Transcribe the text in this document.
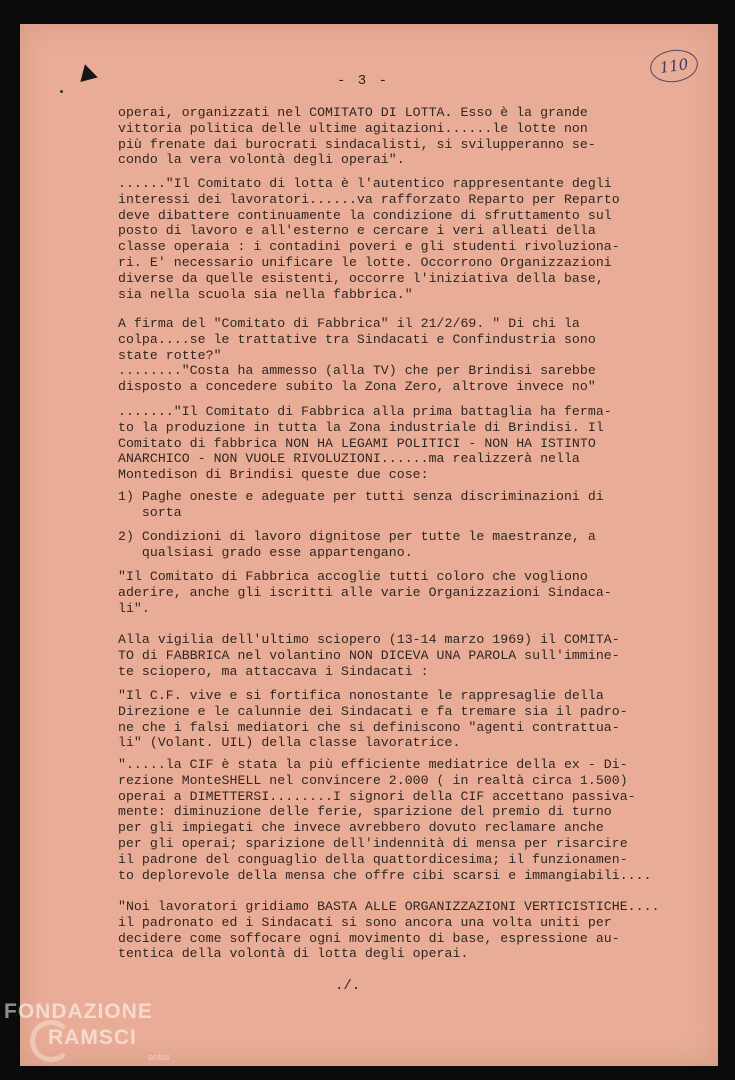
- 3 -
110
operai, organizzati nel COMITATO DI LOTTA. Esso è la grande
vittoria politica delle ultime agitazioni......le lotte non
più frenate dai burocrati sindacalisti, si svilupperanno se-
condo la vera volontà degli operai".
......"Il Comitato di lotta è l'autentico rappresentante degli
interessi dei lavoratori......va rafforzato Reparto per Reparto
deve dibattere continuamente la condizione di sfruttamento sul
posto di lavoro e all'esterno e cercare i veri alleati della
classe operaia : i contadini poveri e gli studenti rivoluziona-
ri. E' necessario unificare le lotte. Occorrono Organizzazioni
diverse da quelle esistenti, occorre l'iniziativa della base,
sia nella scuola sia nella fabbrica."
A firma del "Comitato di Fabbrica" il 21/2/69. " Di chi la
colpa....se le trattative tra Sindacati e Confindustria sono
state rotte?"
........"Costa ha ammesso (alla TV) che per Brindisi sarebbe
disposto a concedere subito la Zona Zero, altrove invece no"
......."Il Comitato di Fabbrica alla prima battaglia ha ferma-
to la produzione in tutta la Zona industriale di Brindisi. Il
Comitato di fabbrica NON HA LEGAMI POLITICI - NON HA ISTINTO
ANARCHICO - NON VUOLE RIVOLUZIONI......ma realizzerà nella
Montedison di Brindisi queste due cose:
1) Paghe oneste e adeguate per tutti senza discriminazioni di
sorta
2) Condizioni di lavoro dignitose per tutte le maestranze, a
qualsiasi grado esse appartengano.
"Il Comitato di Fabbrica accoglie tutti coloro che vogliono
aderire, anche gli iscritti alle varie Organizzazioni Sindaca-
li".
Alla vigilia dell'ultimo sciopero (13-14 marzo 1969) il COMITA-
TO di FABBRICA nel volantino NON DICEVA UNA PAROLA sull'immine-
te sciopero, ma attaccava i Sindacati :
"Il C.F. vive e si fortifica nonostante le rappresaglie della
Direzione e le calunnie dei Sindacati e fa tremare sia il padro-
ne che i falsi mediatori che si definiscono "agenti contrattua-
li" (Volant. UIL) della classe lavoratrice.
".....la CIF è stata la più efficiente mediatrice della ex - Di-
rezione MonteSHELL nel convincere 2.000 ( in realtà circa 1.500)
operai a DIMETTERSI........I signori della CIF accettano passiva-
mente: diminuzione delle ferie, sparizione del premio di turno
per gli impiegati che invece avrebbero dovuto reclamare anche
per gli operai; sparizione dell'indennità di mensa per risarcire
il padrone del conguaglio della quattordicesima; il funzionamen-
to deplorevole della mensa che offre cibi scarsi e immangiabili....
"Noi lavoratori gridiamo BASTA ALLE ORGANIZZAZIONI VERTICISTICHE....
il padronato ed i Sindacati si sono ancora una volta uniti per
decidere come soffocare ogni movimento di base, espressione au-
tentica della volontà di lotta degli operai.
./.
FONDAZIONE
RAMSCI
onlus
